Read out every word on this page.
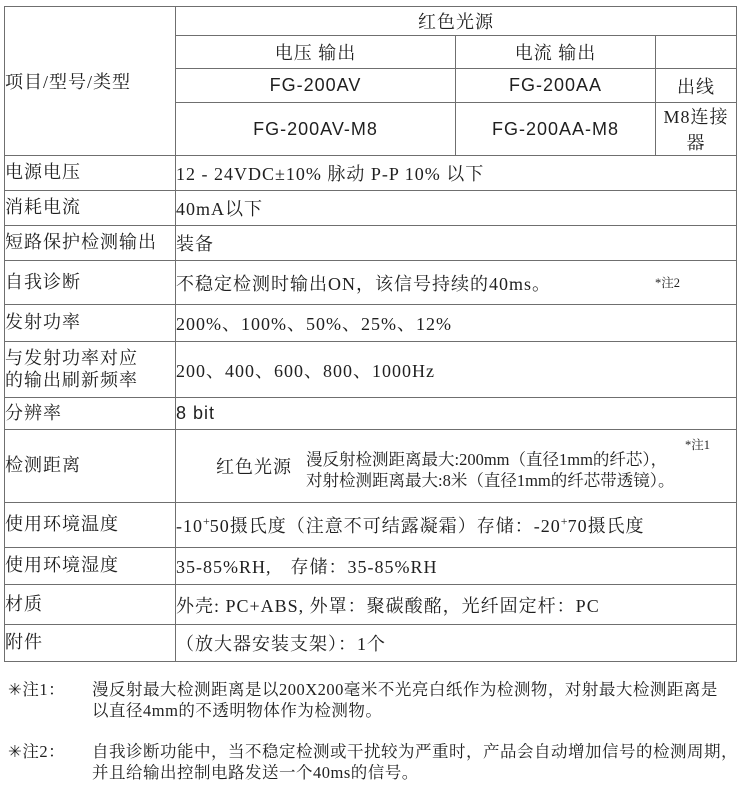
项目/型号/类型	红色光源		
	电压 输出	电流 输出	
	FG-200AV	FG-200AA	出线
	FG-200AV-M8	FG-200AA-M8	M8连接器
电源电压	12 - 24VDC±10% 脉动 P-P 10% 以下		
消耗电流	40mA以下		
短路保护检测输出	装备		
自我诊断	不稳定检测时输出ON，该信号持续的40ms。 *注2		

发射功率	200%、100%、50%、25%、12%		

与发射功率对应
的输出刷新频率	200、400、600、800、1000Hz		
分辨率	8 bit		
检测距离	红色光源 漫反射检测距离最大:200mm（直径1mm的纤芯），
对射检测距离最大:8米（直径1mm的纤芯带透镜）。
*注1		

使用环境温度	-10+50摄氏度（注意不可结露凝霜）存储：-20+70摄氏度		
使用环境湿度	35-85%RH,　存储：35-85%RH		
材质	外壳: PC+ABS, 外罩：聚碳酸酩，光纤固定杆：PC		
附件	（放大器安装支架）：1个		
✳注1：	漫反射最大检测距离是以200X200毫米不光亮白纸作为检测物，对射最大检测距离是
以直径4mm的不透明物体作为检测物。
✳注2：	自我诊断功能中，当不稳定检测或干扰较为严重时，产品会自动增加信号的检测周期，
并且给输出控制电路发送一个40ms的信号。
